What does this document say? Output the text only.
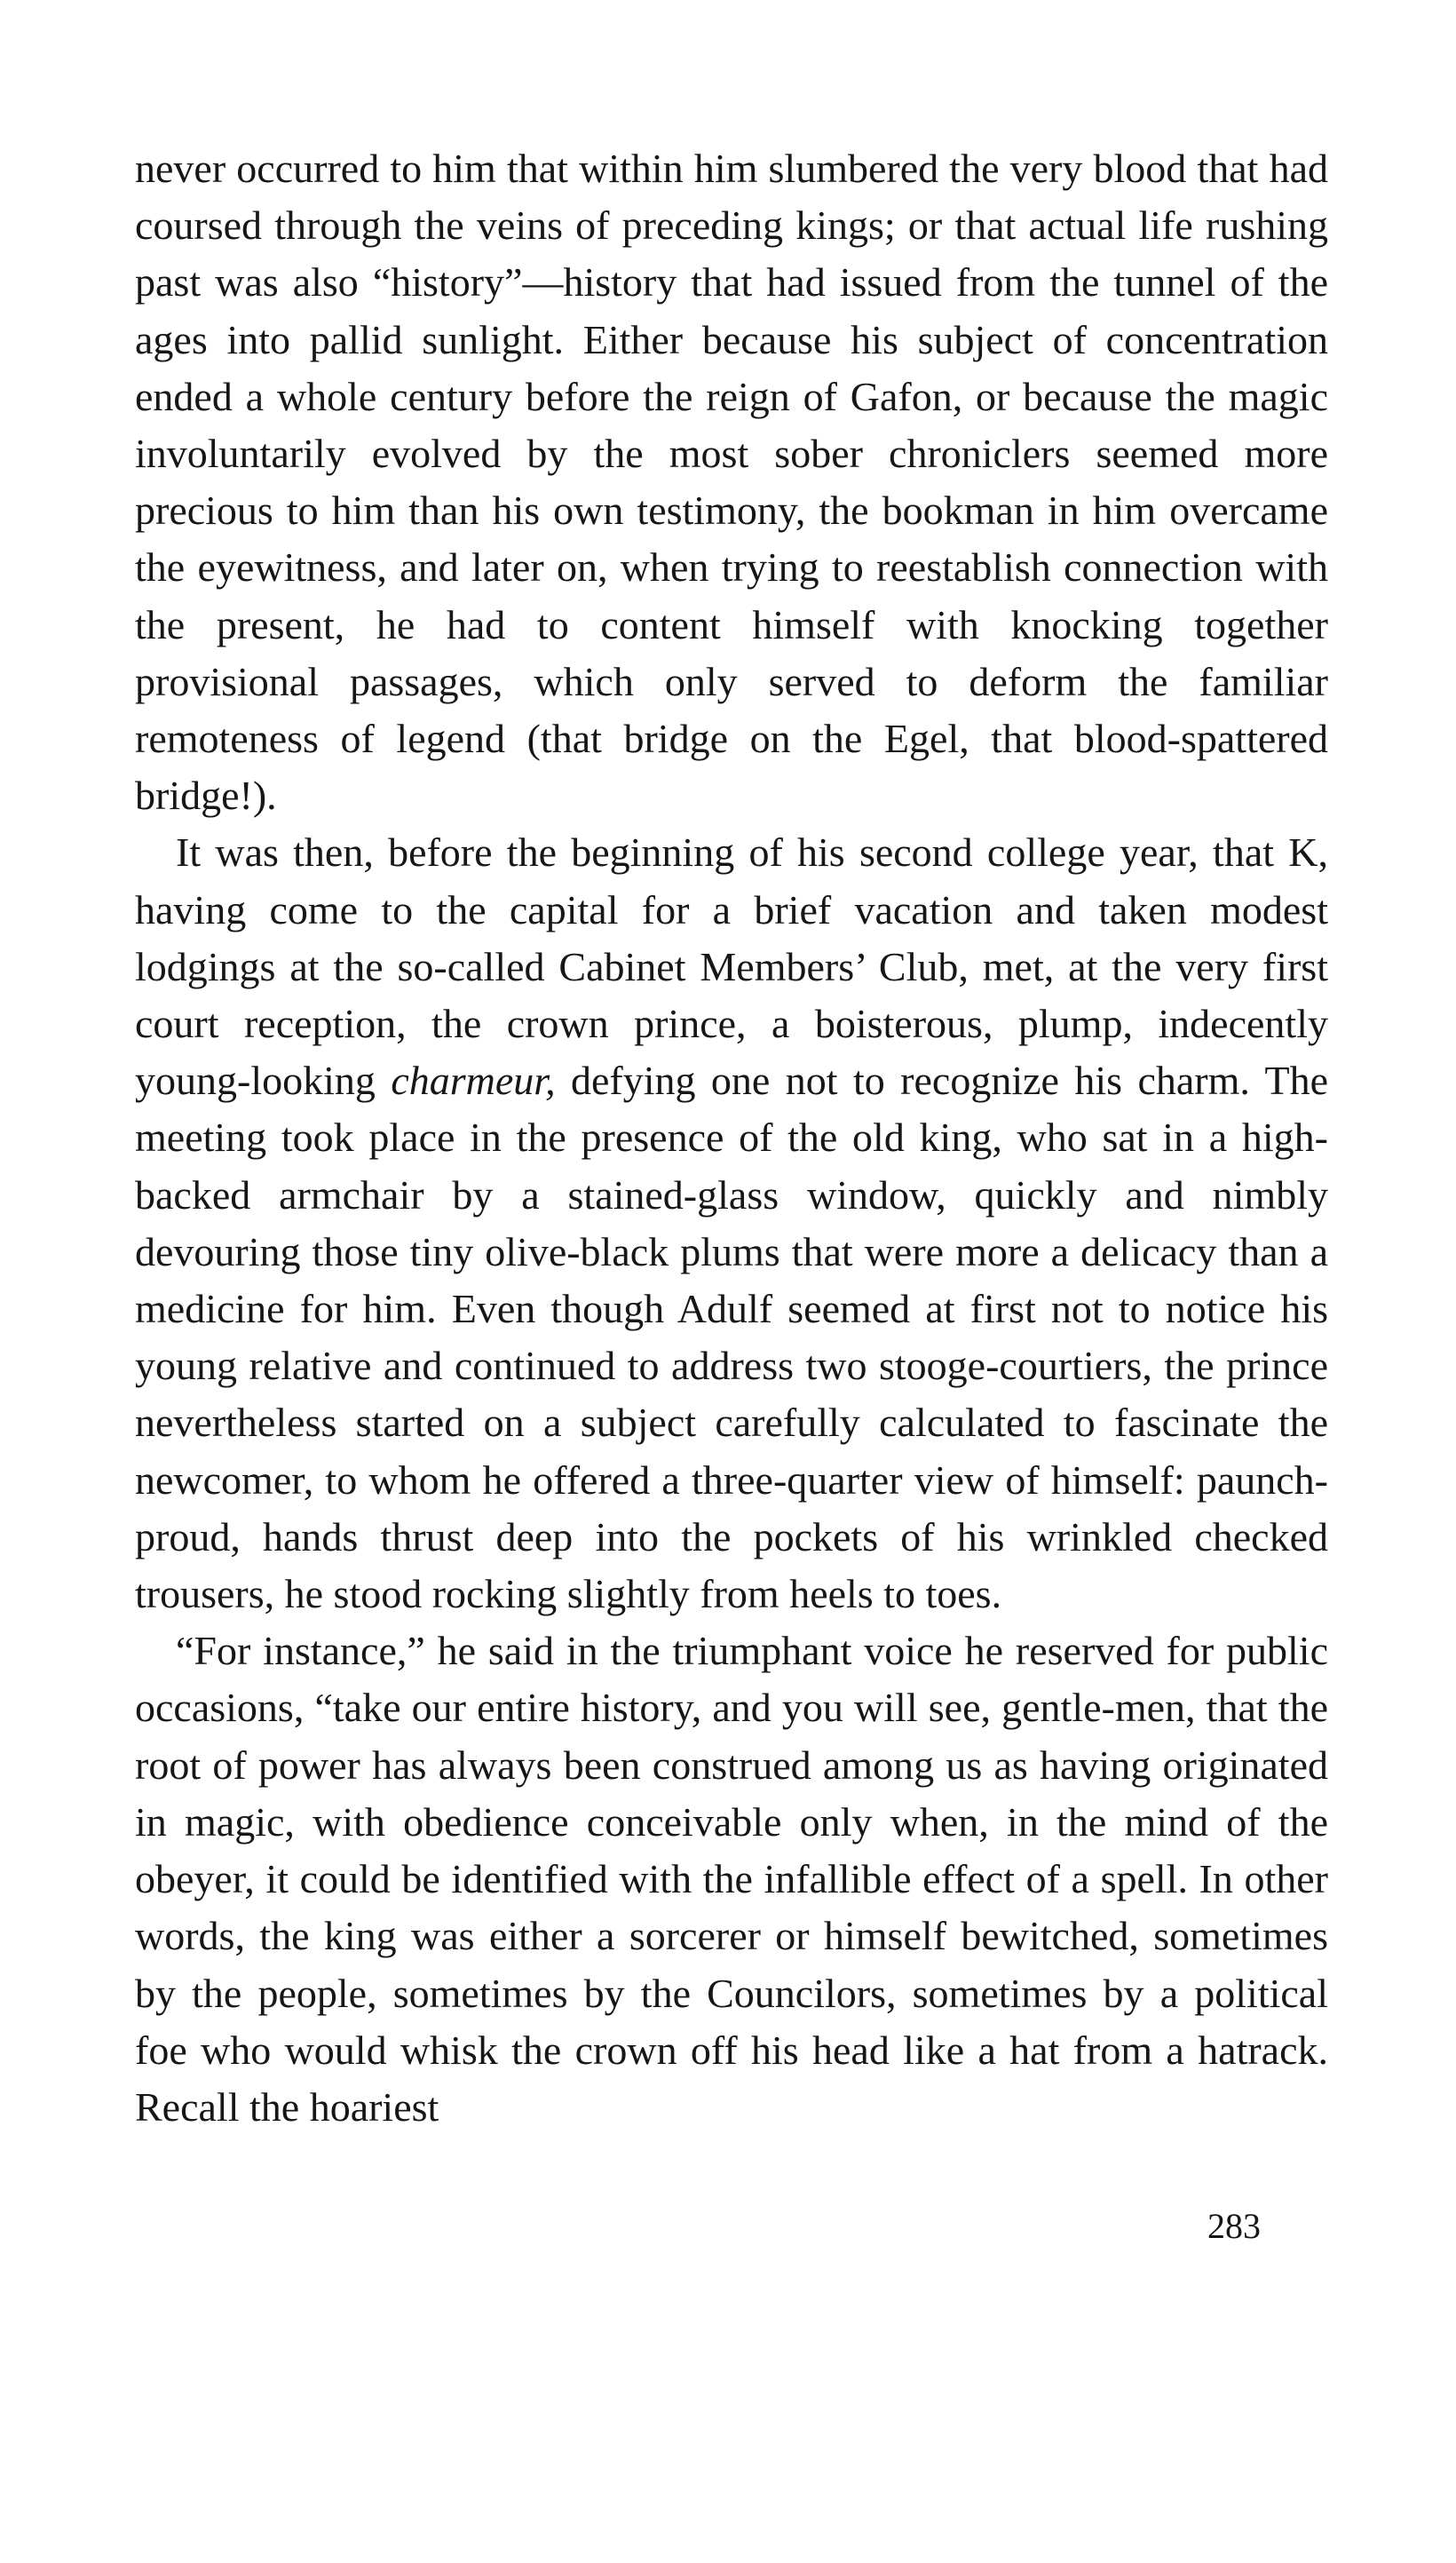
never occurred to him that within him slumbered the very blood that had coursed through the veins of preceding kings; or that actual life rushing past was also “history”—history that had issued from the tunnel of the ages into pallid sunlight. Either because his subject of concentration ended a whole century before the reign of Gafon, or because the magic involuntarily evolved by the most sober chroniclers seemed more precious to him than his own testimony, the bookman in him overcame the eyewitness, and later on, when trying to reestablish connection with the present, he had to content himself with knocking together provisional passages, which only served to deform the familiar remoteness of legend (that bridge on the Egel, that blood-spattered bridge!).

It was then, before the beginning of his second college year, that K, having come to the capital for a brief vacation and taken modest lodgings at the so-called Cabinet Members’ Club, met, at the very first court reception, the crown prince, a boisterous, plump, indecently young-looking charmeur, defying one not to recognize his charm. The meeting took place in the presence of the old king, who sat in a high-backed armchair by a stained-glass window, quickly and nimbly devouring those tiny olive-black plums that were more a delicacy than a medicine for him. Even though Adulf seemed at first not to notice his young relative and continued to address two stooge-courtiers, the prince nevertheless started on a subject carefully calculated to fascinate the newcomer, to whom he offered a three-quarter view of himself: paunch-proud, hands thrust deep into the pockets of his wrinkled checked trousers, he stood rocking slightly from heels to toes.

“For instance,” he said in the triumphant voice he reserved for public occasions, “take our entire history, and you will see, gentle-men, that the root of power has always been construed among us as having originated in magic, with obedience conceivable only when, in the mind of the obeyer, it could be identified with the infallible effect of a spell. In other words, the king was either a sorcerer or himself bewitched, sometimes by the people, sometimes by the Councilors, sometimes by a political foe who would whisk the crown off his head like a hat from a hatrack. Recall the hoariest

283
